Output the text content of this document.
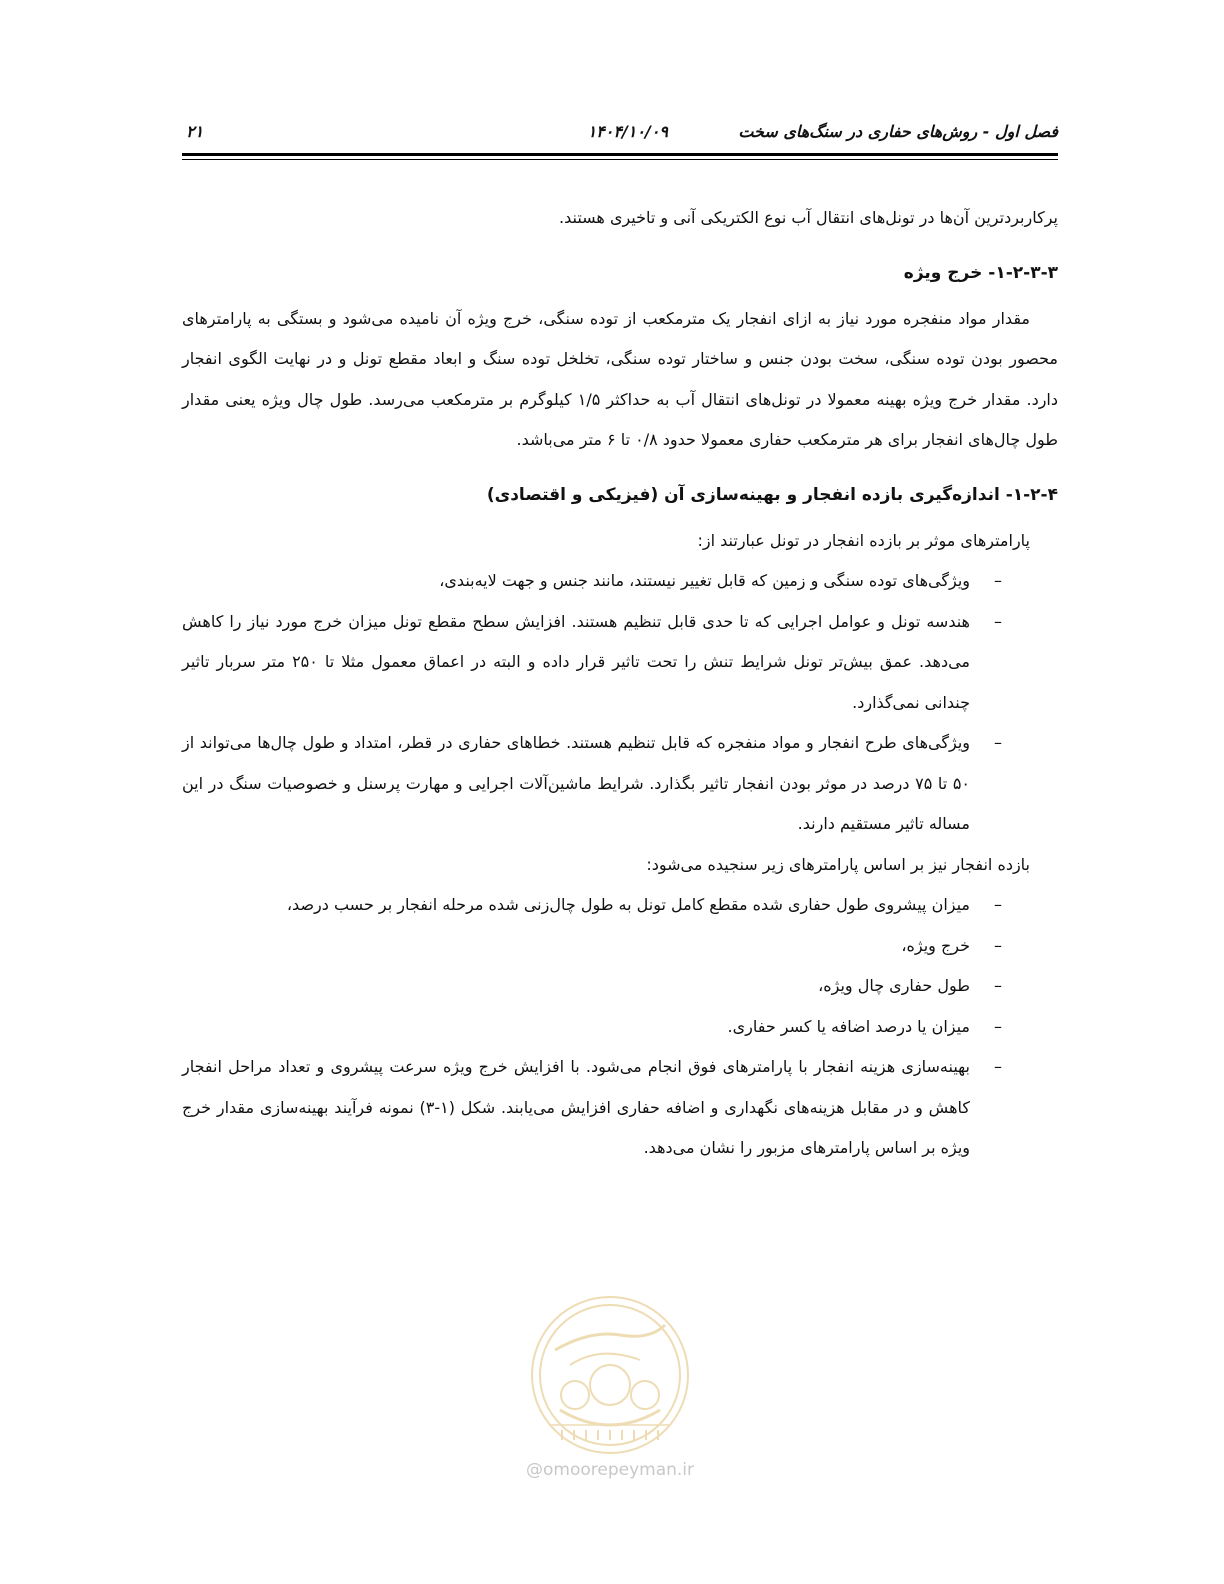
فصل اول - روش‌های حفاری در سنگ‌های سخت
۱۴۰۴/۱۰/۰۹
۲۱

پرکاربردترین آن‌ها در تونل‌های انتقال آب نوع الکتریکی آنی و تاخیری هستند.

۱-۲-۳-۳- خرج ویژه

مقدار مواد منفجره مورد نیاز به ازای انفجار یک مترمکعب از توده سنگی، خرج ویژه آن نامیده می‌شود و بستگی به پارامترهای محصور بودن توده سنگی، سخت بودن جنس و ساختار توده سنگی، تخلخل توده سنگ و ابعاد مقطع تونل و در نهایت الگوی انفجار دارد. مقدار خرج ویژه بهینه معمولا در تونل‌های انتقال آب به حداکثر ۱/۵ کیلوگرم بر مترمکعب می‌رسد. طول چال ویژه یعنی مقدار طول چال‌های انفجار برای هر مترمکعب حفاری معمولا حدود ۰/۸ تا ۶ متر می‌باشد.

۱-۲-۴- اندازه‌گیری بازده انفجار و بهینه‌سازی آن (فیزیکی و اقتصادی)

پارامترهای موثر بر بازده انفجار در تونل عبارتند از:

– ویژگی‌های توده سنگی و زمین که قابل تغییر نیستند، مانند جنس و جهت لایه‌بندی،
– هندسه تونل و عوامل اجرایی که تا حدی قابل تنظیم هستند. افزایش سطح مقطع تونل میزان خرج مورد نیاز را کاهش می‌دهد. عمق بیش‌تر تونل شرایط تنش را تحت تاثیر قرار داده و البته در اعماق معمول مثلا تا ۲۵۰ متر سربار تاثیر چندانی نمی‌گذارد.
– ویژگی‌های طرح انفجار و مواد منفجره که قابل تنظیم هستند. خطاهای حفاری در قطر، امتداد و طول چال‌ها می‌تواند از ۵۰ تا ۷۵ درصد در موثر بودن انفجار تاثیر بگذارد. شرایط ماشین‌آلات اجرایی و مهارت پرسنل و خصوصیات سنگ در این مساله تاثیر مستقیم دارند.

بازده انفجار نیز بر اساس پارامترهای زیر سنجیده می‌شود:

– میزان پیشروی طول حفاری شده مقطع کامل تونل به طول چال‌زنی شده مرحله انفجار بر حسب درصد،
– خرج ویژه،
– طول حفاری چال ویژه،
– میزان یا درصد اضافه یا کسر حفاری.
– بهینه‌سازی هزینه انفجار با پارامترهای فوق انجام می‌شود. با افزایش خرج ویژه سرعت پیشروی و تعداد مراحل انفجار کاهش و در مقابل هزینه‌های نگهداری و اضافه حفاری افزایش می‌یابند. شکل (۱-۳) نمونه فرآیند بهینه‌سازی مقدار خرج ویژه بر اساس پارامترهای مزبور را نشان می‌دهد.
@omoorepeyman.ir
